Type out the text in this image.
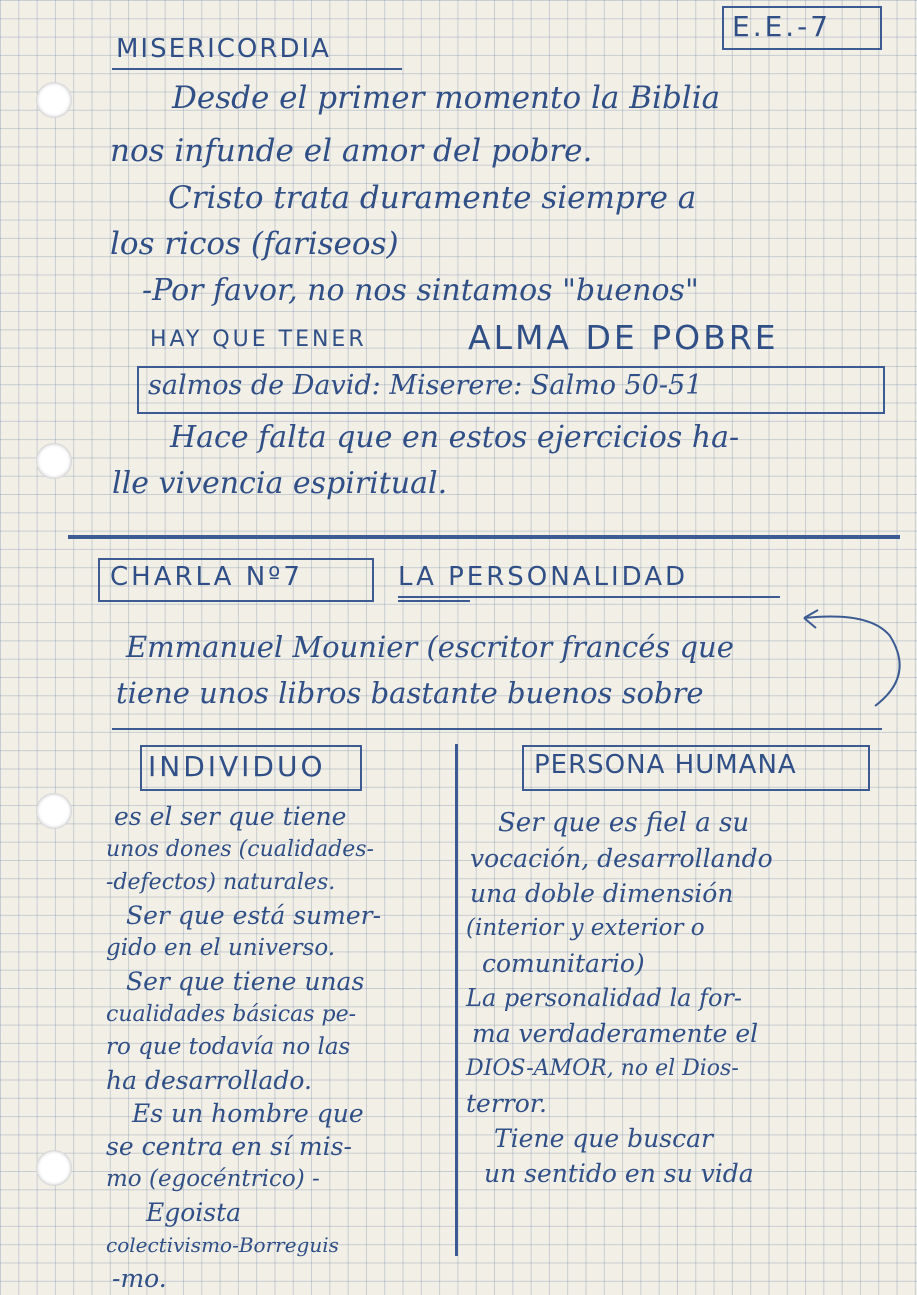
E.E.-7
MISERICORDIA
Desde el primer momento la Biblia
nos infunde el amor del pobre.
Cristo trata duramente siempre a
los ricos (fariseos)
-Por favor, no nos sintamos "buenos"
HAY QUE TENER	ALMA DE POBRE
salmos de David: Miserere: Salmo 50-51
Hace falta que en estos ejercicios ha-
lle vivencia espiritual.
CHARLA Nº7	LA PERSONALIDAD
Emmanuel Mounier (escritor francés que
tiene unos libros bastante buenos sobre
INDIVIDUO	PERSONA HUMANA
es el ser que tiene
unos dones (cualidades-
-defectos) naturales.
Ser que está sumer-
gido en el universo.
Ser que tiene unas
cualidades básicas pe-
ro que todavía no las
ha desarrollado.
Es un hombre que
se centra en sí mis-
mo (egocéntrico) -
Egoista
colectivismo-Borreguis
-mo.
Ser que es fiel a su
vocación, desarrollando
una doble dimensión
(interior y exterior o
comunitario)
La personalidad la for-
ma verdaderamente el
DIOS-AMOR, no el Dios-
terror.
Tiene que buscar
un sentido en su vida
